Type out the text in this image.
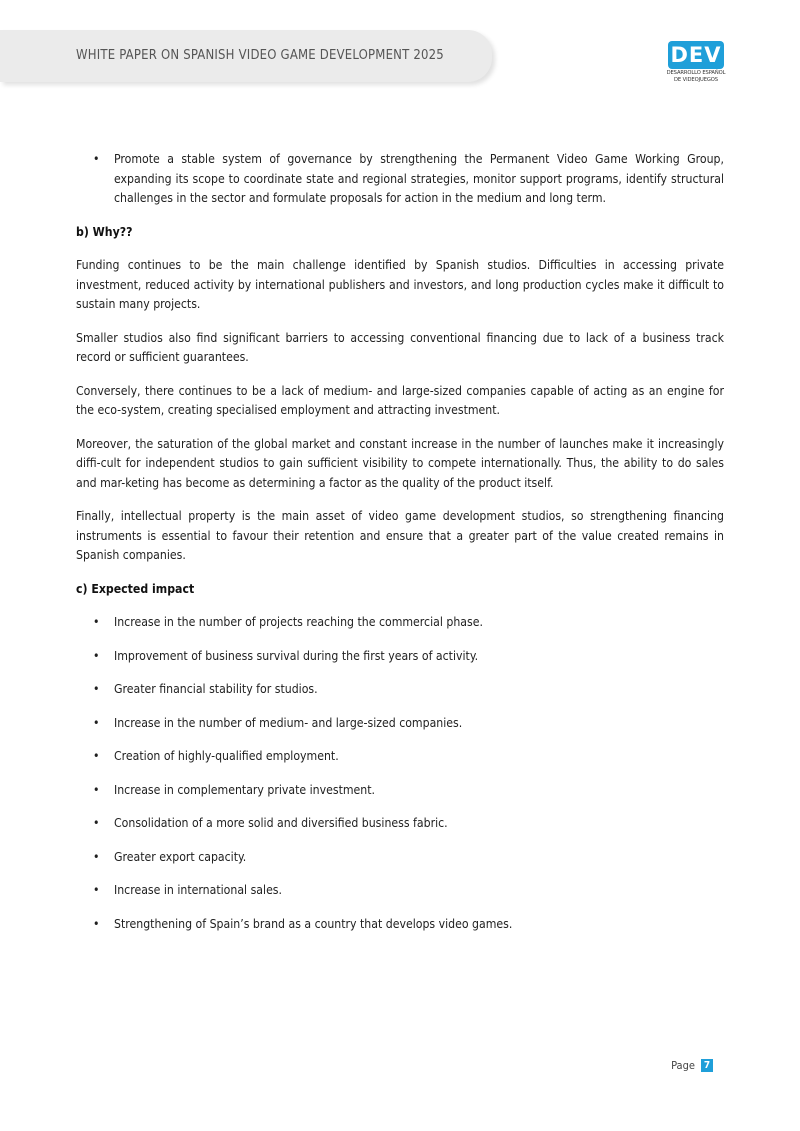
WHITE PAPER ON SPANISH VIDEO GAME DEVELOPMENT 2025	DEV
DESARROLLO ESPAÑOL
DE VIDEOJUEGOS
• Promote a stable system of governance by strengthening the Permanent Video Game Working Group, expanding its scope to coordinate state and regional strategies, monitor support programs, identify structural challenges in the sector and formulate proposals for action in the medium and long term.
b) Why??

Funding continues to be the main challenge identified by Spanish studios. Difficulties in accessing private investment, reduced activity by international publishers and investors, and long production cycles make it difficult to sustain many projects.

Smaller studios also find significant barriers to accessing conventional financing due to lack of a business track record or sufficient guarantees.

Conversely, there continues to be a lack of medium- and large-sized companies capable of acting as an engine for the eco-system, creating specialised employment and attracting investment.

Moreover, the saturation of the global market and constant increase in the number of launches make it increasingly diffi-cult for independent studios to gain sufficient visibility to compete internationally. Thus, the ability to do sales and mar-keting has become as determining a factor as the quality of the product itself.

Finally, intellectual property is the main asset of video game development studios, so strengthening financing instruments is essential to favour their retention and ensure that a greater part of the value created remains in Spanish companies.

c) Expected impact
• Increase in the number of projects reaching the commercial phase.
• Improvement of business survival during the first years of activity.
• Greater financial stability for studios.
• Increase in the number of medium- and large-sized companies.
• Creation of highly-qualified employment.
• Increase in complementary private investment.
• Consolidation of a more solid and diversified business fabric.
• Greater export capacity.
• Increase in international sales.
• Strengthening of Spain’s brand as a country that develops video games.
Page 7
